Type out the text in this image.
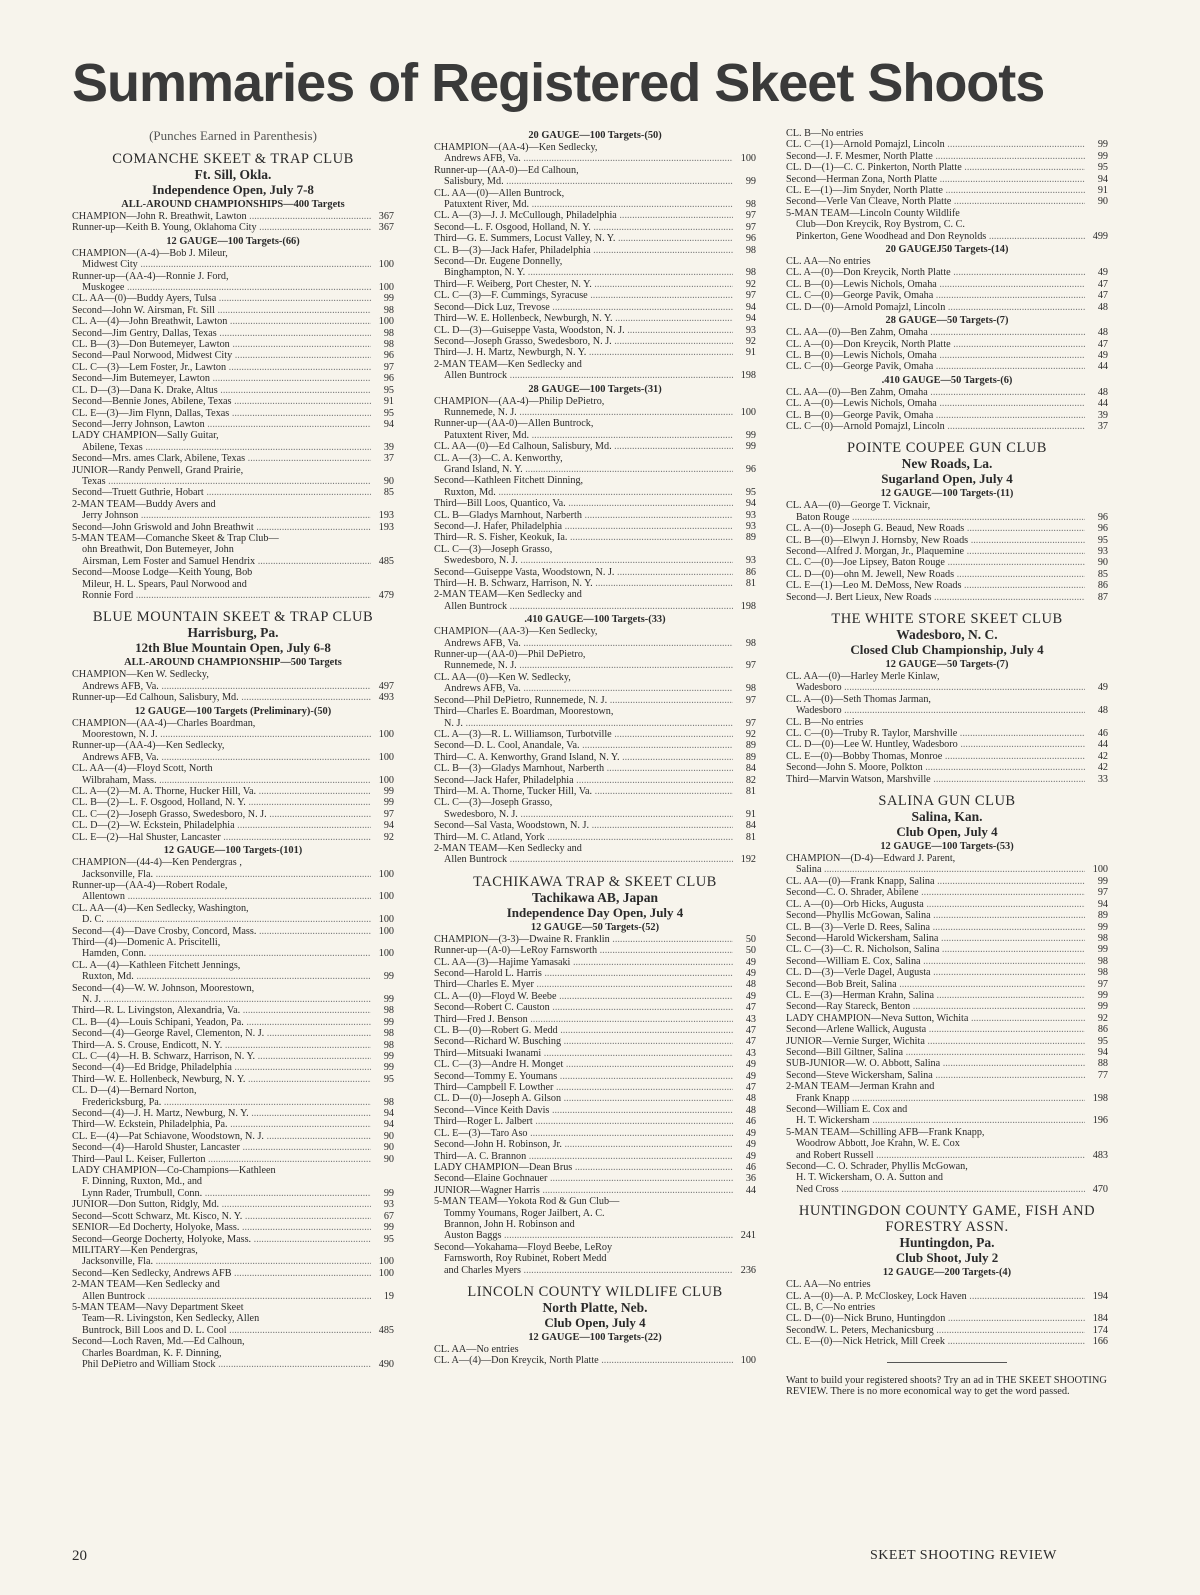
Summaries of Registered Skeet Shoots
(Punches Earned in Parenthesis)
COMANCHE SKEET & TRAP CLUB
Ft. Sill, Okla.
Independence Open, July 7-8
ALL-AROUND CHAMPIONSHIPS—400 Targets
CHAMPION—John R. Breathwit, Lawton .....	367
Runner-up—Keith B. Young, Oklahoma City .....	367
12 GAUGE—100 Targets-(66)
CHAMPION—(A-4)—Bob J. Mileur,
Midwest City .....	100
Runner-up—(AA-4)—Ronnie J. Ford,
Muskogee .....	100
CL. AA—(0)—Buddy Ayers, Tulsa .....	99
Second—John W. Airsman, Ft. Sill .....	98
CL. A—(4)—John Breathwit, Lawton .....	100
Second—Jim Gentry, Dallas, Texas .....	98
CL. B—(3)—Don Butemeyer, Lawton .....	98
Second—Paul Norwood, Midwest City .....	96
CL. C—(3)—Lem Foster, Jr., Lawton .....	97
Second—Jim Butemeyer, Lawton .....	96
CL. D—(3)—Dana K. Drake, Altus .....	95
Second—Bennie Jones, Abilene, Texas .....	91
CL. E—(3)—Jim Flynn, Dallas, Texas .....	95
Second—Jerry Johnson, Lawton .....	94
LADY CHAMPION—Sally Guitar,
Abilene, Texas .....	39
Second—Mrs. ames Clark, Abilene, Texas .....	37
JUNIOR—Randy Penwell, Grand Prairie,
Texas .....	90
Second—Truett Guthrie, Hobart .....	85
2-MAN TEAM—Buddy Avers and
Jerry Johnson .....	193
Second—John Griswold and John Breathwit .....	193
5-MAN TEAM—Comanche Skeet & Trap Club—
ohn Breathwit, Don Butemeyer, John
Airsman, Lem Foster and Samuel Hendrix .....	485
Second—Moose Lodge—Keith Young, Bob
Mileur, H. L. Spears, Paul Norwood and
Ronnie Ford .....	479
BLUE MOUNTAIN SKEET & TRAP CLUB
Harrisburg, Pa.
12th Blue Mountain Open, July 6-8
ALL-AROUND CHAMPIONSHIP—500 Targets
CHAMPION—Ken W. Sedlecky,
Andrews AFB, Va. .....	497
Runner-up—Ed Calhoun, Salisbury, Md. .....	493
12 GAUGE—100 Targets (Preliminary)-(50)
CHAMPION—(AA-4)—Charles Boardman,
Moorestown, N. J. .....	100
Runner-up—(AA-4)—Ken Sedlecky,
Andrews AFB, Va. .....	100
CL. AA—(4)—Floyd Scott, North
Wilbraham, Mass. .....	100
CL. A—(2)—M. A. Thorne, Hucker Hill, Va. .....	99
CL. B—(2)—L. F. Osgood, Holland, N. Y. .....	99
CL. C—(2)—Joseph Grasso, Swedesboro, N. J. .....	97
CL. D—(2)—W. Eckstein, Philadelphia .....	94
CL. E—(2)—Hal Shuster, Lancaster .....	92
12 GAUGE—100 Targets-(101)
CHAMPION—(44-4)—Ken Pendergras ,
Jacksonville, Fla. .....	100
Runner-up—(AA-4)—Robert Rodale,
Allentown .....	100
CL. AA—(4)—Ken Sedlecky, Washington,
D. C. .....	100
Second—(4)—Dave Crosby, Concord, Mass. .....	100
Third—(4)—Domenic A. Priscitelli,
Hamden, Conn. .....	100
CL. A—(4)—Kathleen Fitchett Jennings,
Ruxton, Md. .....	99
Second—(4)—W. W. Johnson, Moorestown,
N. J. .....	99
Third—R. L. Livingston, Alexandria, Va. .....	98
CL. B—(4)—Louis Schipani, Yeadon, Pa. .....	99
Second—(4)—George Ravel, Clementon, N. J. .....	98
Third—A. S. Crouse, Endicott, N. Y. .....	98
CL. C—(4)—H. B. Schwarz, Harrison, N. Y. .....	99
Second—(4)—Ed Bridge, Philadelphia .....	99
Third—W. E. Hollenbeck, Newburg, N. Y. .....	95
CL. D—(4)—Bernard Norton,
Fredericksburg, Pa. .....	98
Second—(4)—J. H. Martz, Newburg, N. Y. .....	94
Third—W. Eckstein, Philadelphia, Pa. .....	94
CL. E—(4)—Pat Schiavone, Woodstown, N. J. .....	90
Second—(4)—Harold Shuster, Lancaster .....	90
Third—Paul L. Keiser, Fullerton .....	90
LADY CHAMPION—Co-Champions—Kathleen
F. Dinning, Ruxton, Md., and
Lynn Rader, Trumbull, Conn. .....	99
JUNIOR—Don Sutton, Ridgly, Md. .....	93
Second—Scott Schwarz, Mt. Kisco, N. Y. .....	67
SENIOR—Ed Docherty, Holyoke, Mass. .....	99
Second—George Docherty, Holyoke, Mass. .....	95
MILITARY—Ken Pendergras,
Jacksonville, Fla. .....	100
Second—Ken Sedlecky, Andrews AFB .....	100
2-MAN TEAM—Ken Sedlecky and
Allen Buntrock .....	19
5-MAN TEAM—Navy Department Skeet
Team—R. Livingston, Ken Sedlecky, Allen
Buntrock, Bill Loos and D. L. Cool .....	485
Second—Loch Raven, Md.—Ed Calhoun,
Charles Boardman, K. F. Dinning,
Phil DePietro and William Stock .....	490
20 GAUGE—100 Targets-(50)
CHAMPION—(AA-4)—Ken Sedlecky,
Andrews AFB, Va. .....	100
Runner-up—(AA-0)—Ed Calhoun,
Salisbury, Md. .....	99
CL. AA—(0)—Allen Buntrock,
Patuxtent River, Md. .....	98
CL. A—(3)—J. J. McCullough, Philadelphia .....	97
Second—L. F. Osgood, Holland, N. Y. .....	97
Third—G. E. Summers, Locust Valley, N. Y. .....	96
CL. B—(3)—Jack Hafer, Philadelphia .....	98
Second—Dr. Eugene Donnelly,
Binghampton, N. Y. .....	98
Third—F. Weiberg, Port Chester, N. Y. .....	92
CL. C—(3)—F. Cummings, Syracuse .....	97
Second—Dick Luz, Trevose .....	94
Third—W. E. Hollenbeck, Newburgh, N. Y. .....	94
CL. D—(3)—Guiseppe Vasta, Woodston, N. J. .....	93
Second—Joseph Grasso, Swedesboro, N. J. .....	92
Third—J. H. Martz, Newburgh, N. Y. .....	91
2-MAN TEAM—Ken Sedlecky and
Allen Buntrock .....	198
28 GAUGE—100 Targets-(31)
CHAMPION—(AA-4)—Philip DePietro,
Runnemede, N. J. .....	100
Runner-up—(AA-0)—Allen Buntrock,
Patuxtent River, Md. .....	99
CL. AA—(0)—Ed Calhoun, Salisbury, Md. .....	99
CL. A—(3)—C. A. Kenworthy,
Grand Island, N. Y. .....	96
Second—Kathleen Fitchett Dinning,
Ruxton, Md. .....	95
Third—Bill Loos, Quantico, Va. .....	94
CL. B—Gladys Marnhout, Narberth .....	93
Second—J. Hafer, Philadelphia .....	93
Third—R. S. Fisher, Keokuk, Ia. .....	89
CL. C—(3)—Joseph Grasso,
Swedesboro, N. J. .....	93
Second—Guiseppe Vasta, Woodstown, N. J. .....	86
Third—H. B. Schwarz, Harrison, N. Y. .....	81
2-MAN TEAM—Ken Sedlecky and
Allen Buntrock .....	198
.410 GAUGE—100 Targets-(33)
CHAMPION—(AA-3)—Ken Sedlecky,
Andrews AFB, Va. .....	98
Runner-up—(AA-0)—Phil DePietro,
Runnemede, N. J. .....	97
CL. AA—(0)—Ken W. Sedlecky,
Andrews AFB, Va. .....	98
Second—Phil DePietro, Runnemede, N. J. .....	97
Third—Charles E. Boardman, Moorestown,
N. J. .....	97
CL. A—(3)—R. L. Williamson, Turbotville .....	92
Second—D. L. Cool, Anandale, Va. .....	89
Third—C. A. Kenworthy, Grand Island, N. Y. .....	89
CL. B—(3)—Gladys Marnhout, Narberth .....	84
Second—Jack Hafer, Philadelphia .....	82
Third—M. A. Thorne, Tucker Hill, Va. .....	81
CL. C—(3)—Joseph Grasso,
Swedesboro, N. J. .....	91
Second—Sal Vasta, Woodstown, N. J. .....	84
Third—M. C. Atland, York .....	81
2-MAN TEAM—Ken Sedlecky and
Allen Buntrock .....	192
TACHIKAWA TRAP & SKEET CLUB
Tachikawa AB, Japan
Independence Day Open, July 4
12 GAUGE—50 Targets-(52)
CHAMPION—(3-3)—Dwaine R. Franklin .....	50
Runner-up—(A-0)—LeRoy Farnsworth .....	50
CL. AA—(3)—Hajime Yamasaki .....	49
Second—Harold L. Harris .....	49
Third—Charles E. Myer .....	48
CL. A—(0)—Floyd W. Beebe .....	49
Second—Robert C. Causton .....	47
Third—Fred J. Benson .....	43
CL. B—(0)—Robert G. Medd .....	47
Second—Richard W. Busching .....	47
Third—Mitsuaki Iwanami .....	43
CL. C—(3)—Andre H. Monget .....	49
Second—Tommy E. Youmans .....	49
Third—Campbell F. Lowther .....	47
CL. D—(0)—Joseph A. Gilson .....	48
Second—Vince Keith Davis .....	48
Third—Roger L. Jalbert .....	46
CL. E—(3)—Taro Aso .....	49
Second—John H. Robinson, Jr. .....	49
Third—A. C. Brannon .....	49
LADY CHAMPION—Dean Brus .....	46
Second—Elaine Gochnauer .....	36
JUNIOR—Wagner Harris .....	44
5-MAN TEAM—Yokota Rod & Gun Club—
Tommy Youmans, Roger Jailbert, A. C.
Brannon, John H. Robinson and
Auston Baggs .....	241
Second—Yokahama—Floyd Beebe, LeRoy
Farnsworth, Roy Rubinet, Robert Medd
and Charles Myers .....	236
LINCOLN COUNTY WILDLIFE CLUB
North Platte, Neb.
Club Open, July 4
12 GAUGE—100 Targets-(22)
CL. AA—No entries
CL. A—(4)—Don Kreycik, North Platte .....	100
CL. B—No entries
CL. C—(1)—Arnold Pomajzl, Lincoln .....	99
Second—J. F. Mesmer, North Platte .....	99
CL. D—(1)—C. C. Pinkerton, North Platte .....	95
Second—Herman Zona, North Platte .....	94
CL. E—(1)—Jim Snyder, North Platte .....	91
Second—Verle Van Cleave, North Platte .....	90
5-MAN TEAM—Lincoln County Wildlife
Club—Don Kreycik, Roy Bystrom, C. C.
Pinkerton, Gene Woodhead and Don Reynolds .....	499
20 GAUGEJ50 Targets-(14)
CL. AA—No entries
CL. A—(0)—Don Kreycik, North Platte .....	49
CL. B—(0)—Lewis Nichols, Omaha .....	47
CL. C—(0)—George Pavik, Omaha .....	47
CL. D—(0)—Arnold Pomajzl, Lincoln .....	48
28 GAUGE—50 Targets-(7)
CL. AA—(0)—Ben Zahm, Omaha .....	48
CL. A—(0)—Don Kreycik, North Platte .....	47
CL. B—(0)—Lewis Nichols, Omaha .....	49
CL. C—(0)—George Pavik, Omaha .....	44
.410 GAUGE—50 Targets-(6)
CL. AA—(0)—Ben Zahm, Omaha .....	48
CL. A—(0)—Lewis Nichols, Omaha .....	44
CL. B—(0)—George Pavik, Omaha .....	39
CL. C—(0)—Arnold Pomajzl, Lincoln .....	37
POINTE COUPEE GUN CLUB
New Roads, La.
Sugarland Open, July 4
12 GAUGE—100 Targets-(11)
CL. AA—(0)—George T. Vicknair,
Baton Rouge .....	96
CL. A—(0)—Joseph G. Beaud, New Roads .....	96
CL. B—(0)—Elwyn J. Hornsby, New Roads .....	95
Second—Alfred J. Morgan, Jr., Plaquemine .....	93
CL. C—(0)—Joe Lipsey, Baton Rouge .....	90
CL. D—(0)—ohn M. Jewell, New Roads .....	85
CL. E—(1)—Leo M. DeMoss, New Roads .....	86
Second—J. Bert Lieux, New Roads .....	87
THE WHITE STORE SKEET CLUB
Wadesboro, N. C.
Closed Club Championship, July 4
12 GAUGE—50 Targets-(7)
CL. AA—(0)—Harley Merle Kinlaw,
Wadesboro .....	49
CL. A—(0)—Seth Thomas Jarman,
Wadesboro .....	48
CL. B—No entries
CL. C—(0)—Truby R. Taylor, Marshville .....	46
CL. D—(0)—Lee W. Huntley, Wadesboro .....	44
CL. E—(0)—Bobby Thomas, Monroe .....	42
Second—John S. Moore, Polkton .....	42
Third—Marvin Watson, Marshville .....	33
SALINA GUN CLUB
Salina, Kan.
Club Open, July 4
12 GAUGE—100 Targets-(53)
CHAMPION—(D-4)—Edward J. Parent,
Salina .....	100
CL. AA—(0)—Frank Knapp, Salina .....	99
Second—C. O. Shrader, Abilene .....	97
CL. A—(0)—Orb Hicks, Augusta .....	94
Second—Phyllis McGowan, Salina .....	89
CL. B—(3)—Verle D. Rees, Salina .....	99
Second—Harold Wickersham, Salina .....	98
CL. C—(3)—C. R. Nicholson, Salina .....	99
Second—William E. Cox, Salina .....	98
CL. D—(3)—Verle Dagel, Augusta .....	98
Second—Bob Breit, Salina .....	97
CL. E—(3)—Herman Krahn, Salina .....	99
Second—Ray Stareck, Benton .....	99
LADY CHAMPION—Neva Sutton, Wichita .....	92
Second—Arlene Wallick, Augusta .....	86
JUNIOR—Vernie Surger, Wichita .....	95
Second—Bill Giltner, Salina .....	94
SUB-JUNIOR—W. O. Abbott, Salina .....	88
Second—Steve Wickersham, Salina .....	77
2-MAN TEAM—Jerman Krahn and
Frank Knapp .....	198
Second—William E. Cox and
H. T. Wickersham .....	196
5-MAN TEAM—Schilling AFB—Frank Knapp,
Woodrow Abbott, Joe Krahn, W. E. Cox
and Robert Russell .....	483
Second—C. O. Schrader, Phyllis McGowan,
H. T. Wickersham, O. A. Sutton and
Ned Cross .....	470
HUNTINGDON COUNTY GAME, FISH AND FORESTRY ASSN.
Huntingdon, Pa.
Club Shoot, July 2
12 GAUGE—200 Targets-(4)
CL. AA—No entries
CL. A—(0)—A. P. McCloskey, Lock Haven .....	194
CL. B, C—No entries
CL. D—(0)—Nick Bruno, Huntingdon .....	184
SecondW. L. Peters, Mechanicsburg .....	174
CL. E—(0)—Nick Hetrick, Mill Creek .....	166
Want to build your registered shoots? Try an ad in THE SKEET SHOOTING REVIEW. There is no more economical way to get the word passed.
20	SKEET SHOOTING REVIEW
